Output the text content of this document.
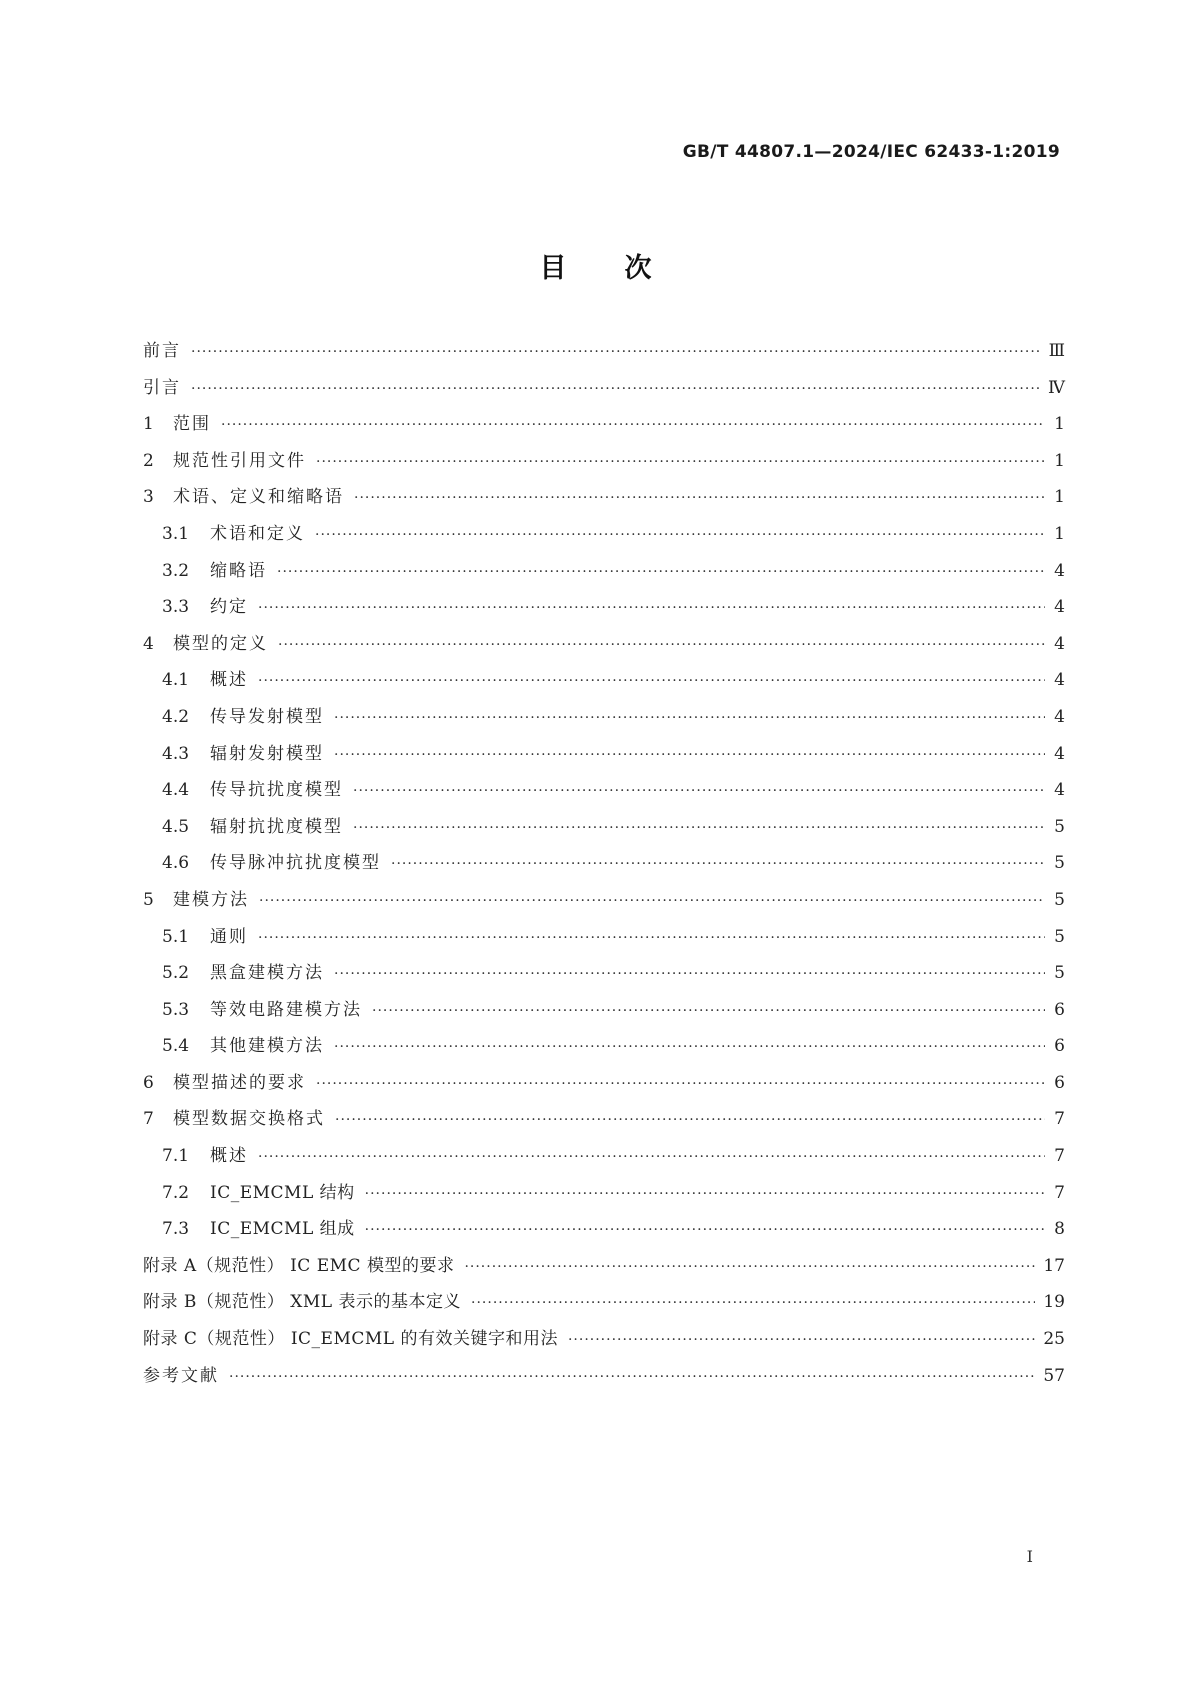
GB/T 44807.1—2024/IEC 62433-1:2019
目次
前言 ·····	Ⅲ
引言 ·····	Ⅳ
1	范围 ·····	1
2	规范性引用文件 ·····	1
3	术语、定义和缩略语 ·····	1
3.1	术语和定义 ·····	1
3.2	缩略语 ·····	4
3.3	约定 ·····	4
4	模型的定义 ·····	4
4.1	概述 ·····	4
4.2	传导发射模型 ·····	4
4.3	辐射发射模型 ·····	4
4.4	传导抗扰度模型 ·····	4
4.5	辐射抗扰度模型 ·····	5
4.6	传导脉冲抗扰度模型 ·····	5
5	建模方法 ·····	5
5.1	通则 ·····	5
5.2	黑盒建模方法 ·····	5
5.3	等效电路建模方法 ·····	6
5.4	其他建模方法 ·····	6
6	模型描述的要求 ·····	6
7	模型数据交换格式 ·····	7
7.1	概述 ·····	7
7.2	IC_EMCML 结构 ·····	7
7.3	IC_EMCML 组成 ·····	8
附录 A（规范性） IC EMC 模型的要求 ·····	17
附录 B（规范性） XML 表示的基本定义 ·····	19
附录 C（规范性） IC_EMCML 的有效关键字和用法 ·····	25
参考文献 ·····	57
I
